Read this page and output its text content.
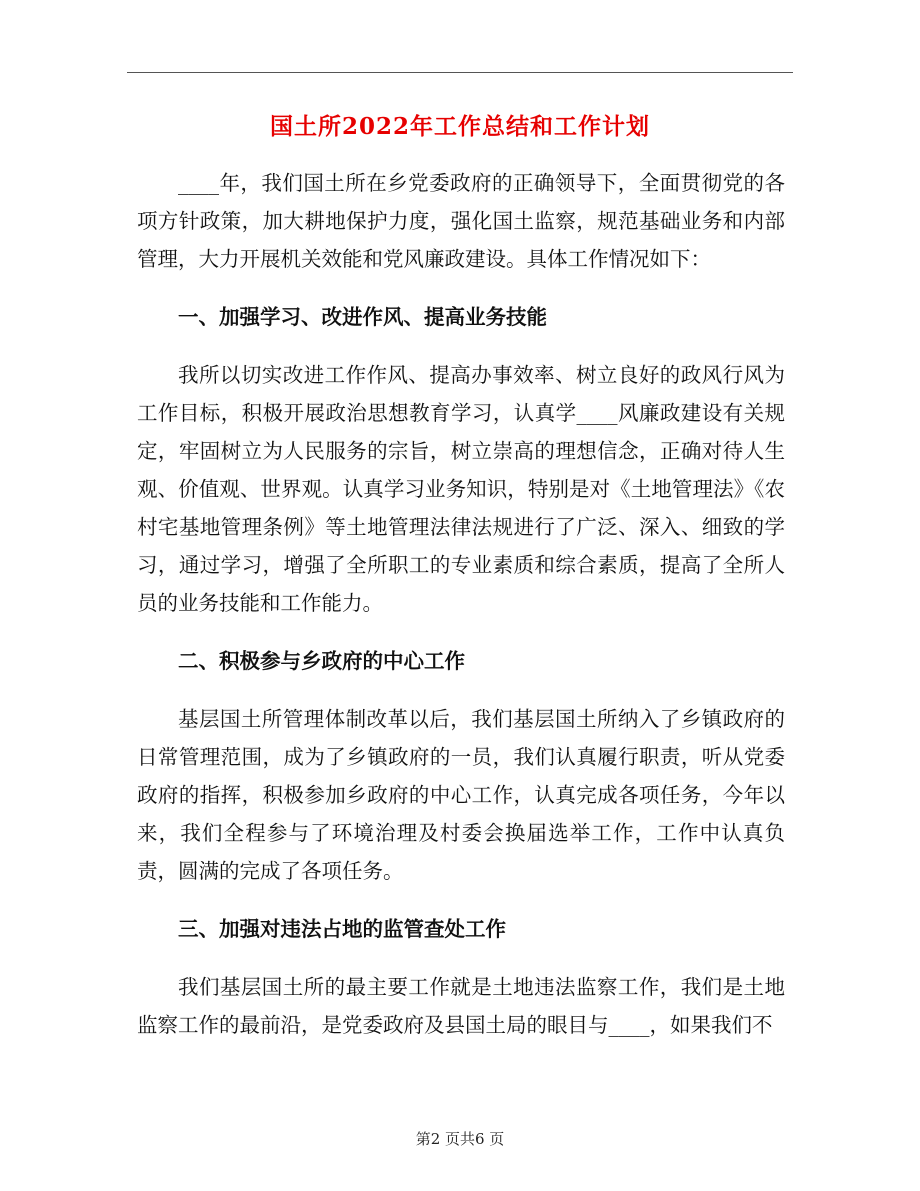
国土所2022年工作总结和工作计划

____年，我们国土所在乡党委政府的正确领导下，全面贯彻党的各项方针政策，加大耕地保护力度，强化国土监察，规范基础业务和内部管理，大力开展机关效能和党风廉政建设。具体工作情况如下：

一、加强学习、改进作风、提高业务技能

我所以切实改进工作作风、提高办事效率、树立良好的政风行风为工作目标，积极开展政治思想教育学习，认真学____风廉政建设有关规定，牢固树立为人民服务的宗旨，树立崇高的理想信念，正确对待人生观、价值观、世界观。认真学习业务知识，特别是对《土地管理法》《农村宅基地管理条例》等土地管理法律法规进行了广泛、深入、细致的学习，通过学习，增强了全所职工的专业素质和综合素质，提高了全所人员的业务技能和工作能力。

二、积极参与乡政府的中心工作

基层国土所管理体制改革以后，我们基层国土所纳入了乡镇政府的日常管理范围，成为了乡镇政府的一员，我们认真履行职责，听从党委政府的指挥，积极参加乡政府的中心工作，认真完成各项任务，今年以来，我们全程参与了环境治理及村委会换届选举工作，工作中认真负责，圆满的完成了各项任务。

三、加强对违法占地的监管查处工作

我们基层国土所的最主要工作就是土地违法监察工作，我们是土地监察工作的最前沿，是党委政府及县国土局的眼目与____，如果我们不

第2 页共6 页
